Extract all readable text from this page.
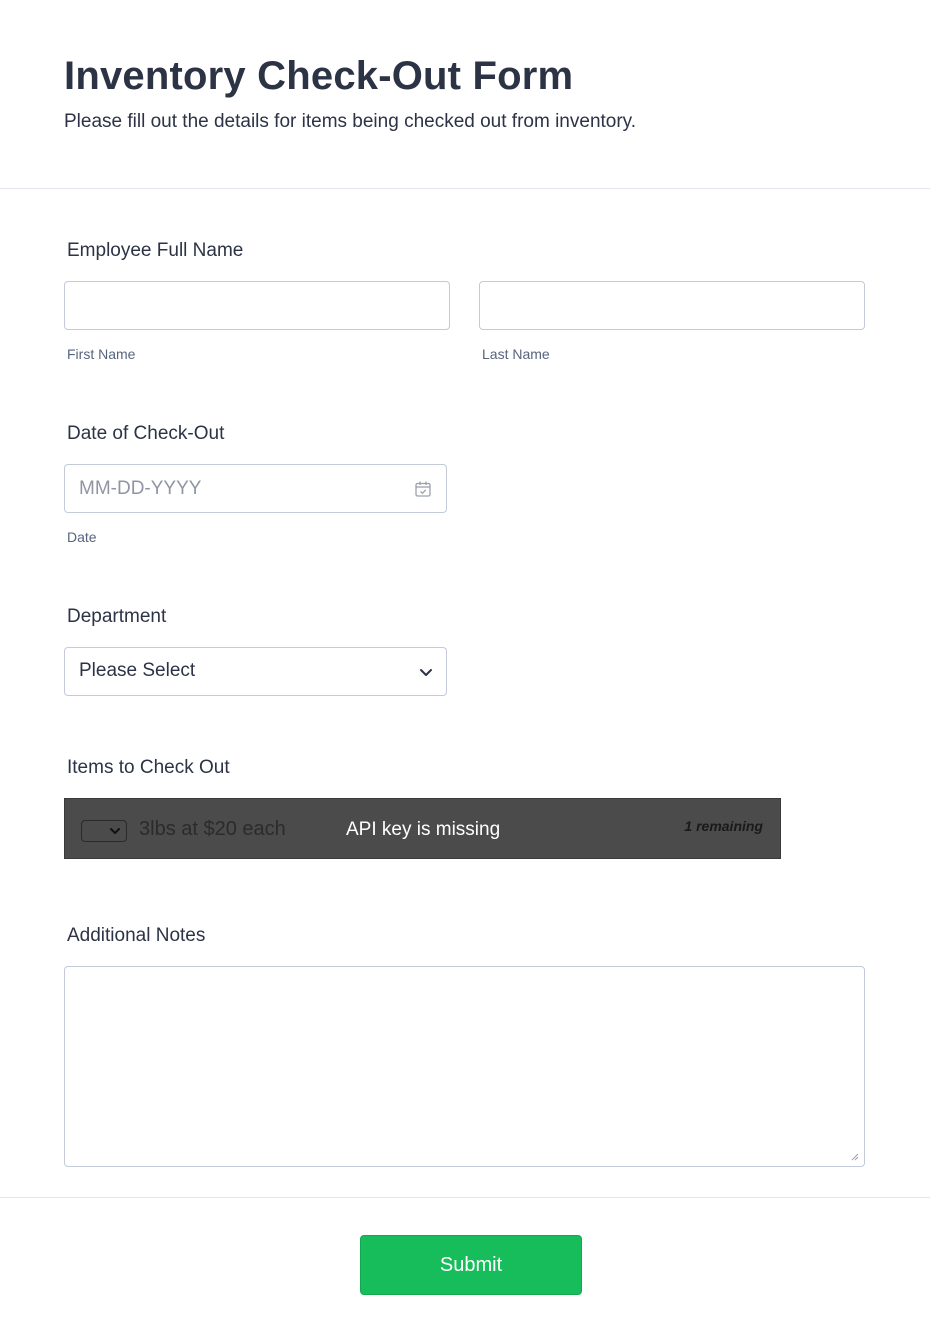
Inventory Check-Out Form

Please fill out the details for items being checked out from inventory.

Employee Full Name
First Name	Last Name
Date of Check-Out
MM-DD-YYYY
Date
Department
Please Select
Items to Check Out
3lbs at $20 each	API key is missing	1 remaining
Additional Notes
Submit
